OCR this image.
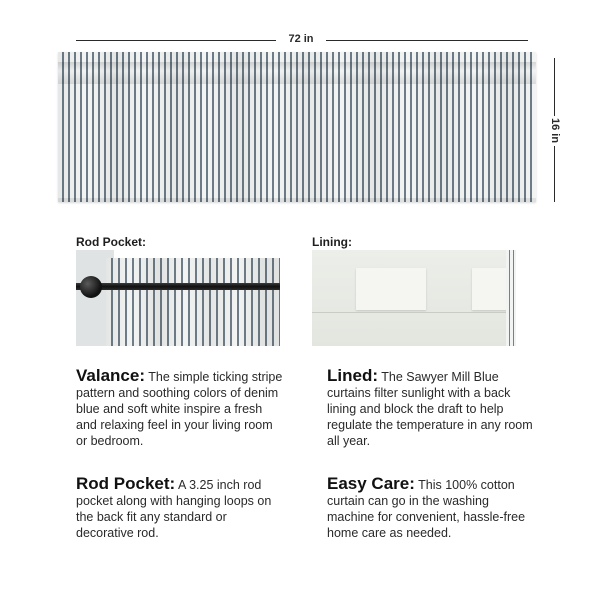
72 in
16 in
Rod Pocket:	Lining:
Valance: The simple ticking stripe pattern and soothing colors of denim blue and soft white inspire a fresh and relaxing feel in your living room or bedroom.
Lined: The Sawyer Mill Blue curtains filter sunlight with a back lining and block the draft to help regulate the temperature in any room all year.
Rod Pocket: A 3.25 inch rod pocket along with hanging loops on the back fit any standard or decorative rod.
Easy Care: This 100% cotton curtain can go in the washing machine for convenient, hassle-free home care as needed.
